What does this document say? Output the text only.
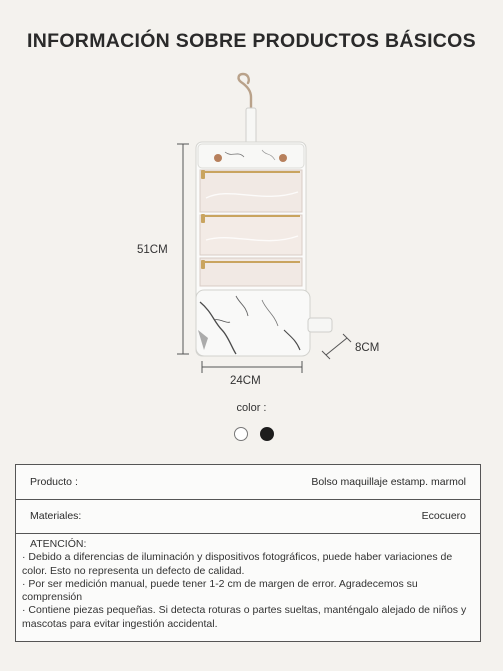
INFORMACIÓN SOBRE PRODUCTOS BÁSICOS
51CM
24CM
8CM
color :
Producto :	Bolso maquillaje estamp. marmol
Materiales:	Ecocuero

ATENCIÓN:

· Debido a diferencias de iluminación y dispositivos fotográficos, puede haber variaciones de color. Esto no representa un defecto de calidad.

· Por ser medición manual, puede tener 1-2 cm de margen de error. Agradecemos su comprensión

· Contiene piezas pequeñas. Si detecta roturas o partes sueltas, manténgalo alejado de niños y mascotas para evitar ingestión accidental.
